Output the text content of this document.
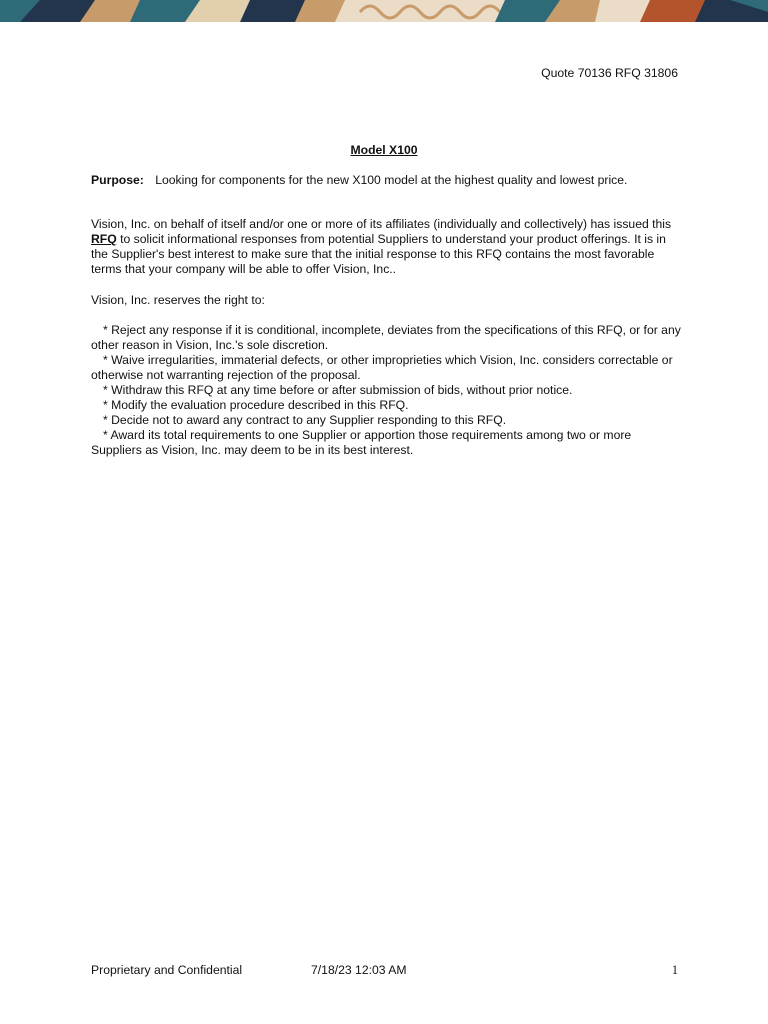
Quote 70136 RFQ 31806
Model X100
Purpose: Looking for components for the new X100 model at the highest quality and lowest price.
Vision, Inc. on behalf of itself and/or one or more of its affiliates (individually and collectively) has issued this RFQ to solicit informational responses from potential Suppliers to understand your product offerings. It is in the Supplier's best interest to make sure that the initial response to this RFQ contains the most favorable terms that your company will be able to offer Vision, Inc..
Vision, Inc. reserves the right to:

* Reject any response if it is conditional, incomplete, deviates from the specifications of this RFQ, or for any other reason in Vision, Inc.'s sole discretion.

* Waive irregularities, immaterial defects, or other improprieties which Vision, Inc. considers correctable or otherwise not warranting rejection of the proposal.

* Withdraw this RFQ at any time before or after submission of bids, without prior notice.

* Modify the evaluation procedure described in this RFQ.

* Decide not to award any contract to any Supplier responding to this RFQ.

* Award its total requirements to one Supplier or apportion those requirements among two or more Suppliers as Vision, Inc. may deem to be in its best interest.

Proprietary and Confidential	7/18/23 12:03 AM	1
